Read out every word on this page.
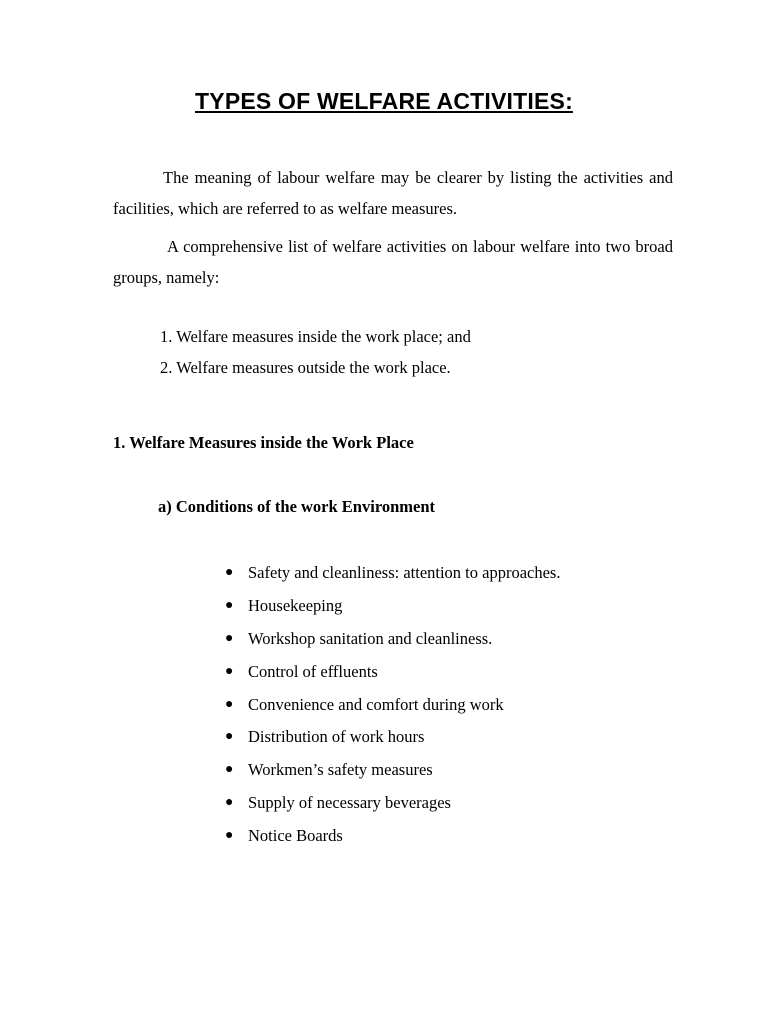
TYPES OF WELFARE ACTIVITIES:

The meaning of labour welfare may be clearer by listing the activities and facilities, which are referred to as welfare measures.

A comprehensive list of welfare activities on labour welfare into two broad groups, namely:

1. Welfare measures inside the work place; and
2. Welfare measures outside the work place.

1. Welfare Measures inside the Work Place

a) Conditions of the work Environment

● Safety and cleanliness: attention to approaches.
● Housekeeping
● Workshop sanitation and cleanliness.
● Control of effluents
● Convenience and comfort during work
● Distribution of work hours
● Workmen’s safety measures
● Supply of necessary beverages
● Notice Boards
